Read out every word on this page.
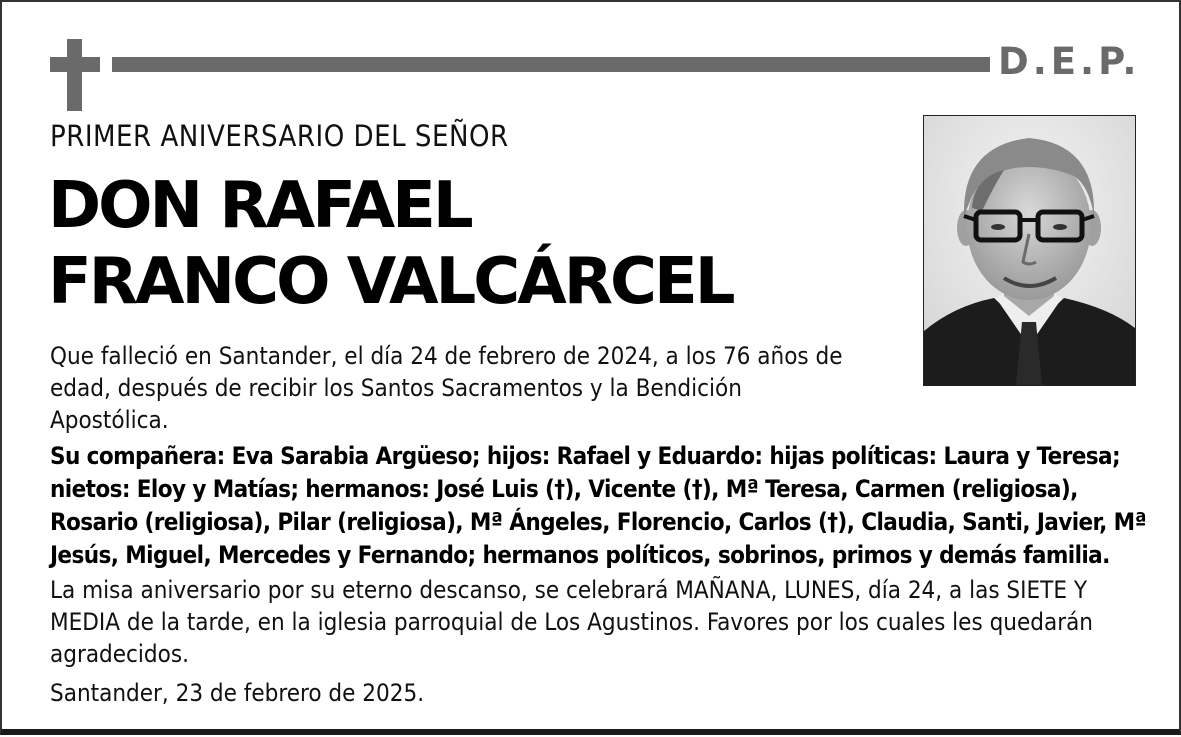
D.E.P.
PRIMER ANIVERSARIO DEL SEÑOR
DON RAFAEL
FRANCO VALCÁRCEL
Que falleció en Santander, el día 24 de febrero de 2024, a los 76 años de edad, después de recibir los Santos Sacramentos y la Bendición Apostólica.
Su compañera: Eva Sarabia Argüeso; hijos: Rafael y Eduardo: hijas políticas: Laura y Teresa; nietos: Eloy y Matías; hermanos: José Luis (†), Vicente (†), Mª Teresa, Carmen (religiosa), Rosario (religiosa), Pilar (religiosa), Mª Ángeles, Florencio, Carlos (†), Claudia, Santi, Javier, Mª Jesús, Miguel, Mercedes y Fernando; hermanos políticos, sobrinos, primos y demás familia.
La misa aniversario por su eterno descanso, se celebrará MAÑANA, LUNES, día 24, a las SIETE Y MEDIA de la tarde, en la iglesia parroquial de Los Agustinos. Favores por los cuales les quedarán agradecidos.
Santander, 23 de febrero de 2025.
